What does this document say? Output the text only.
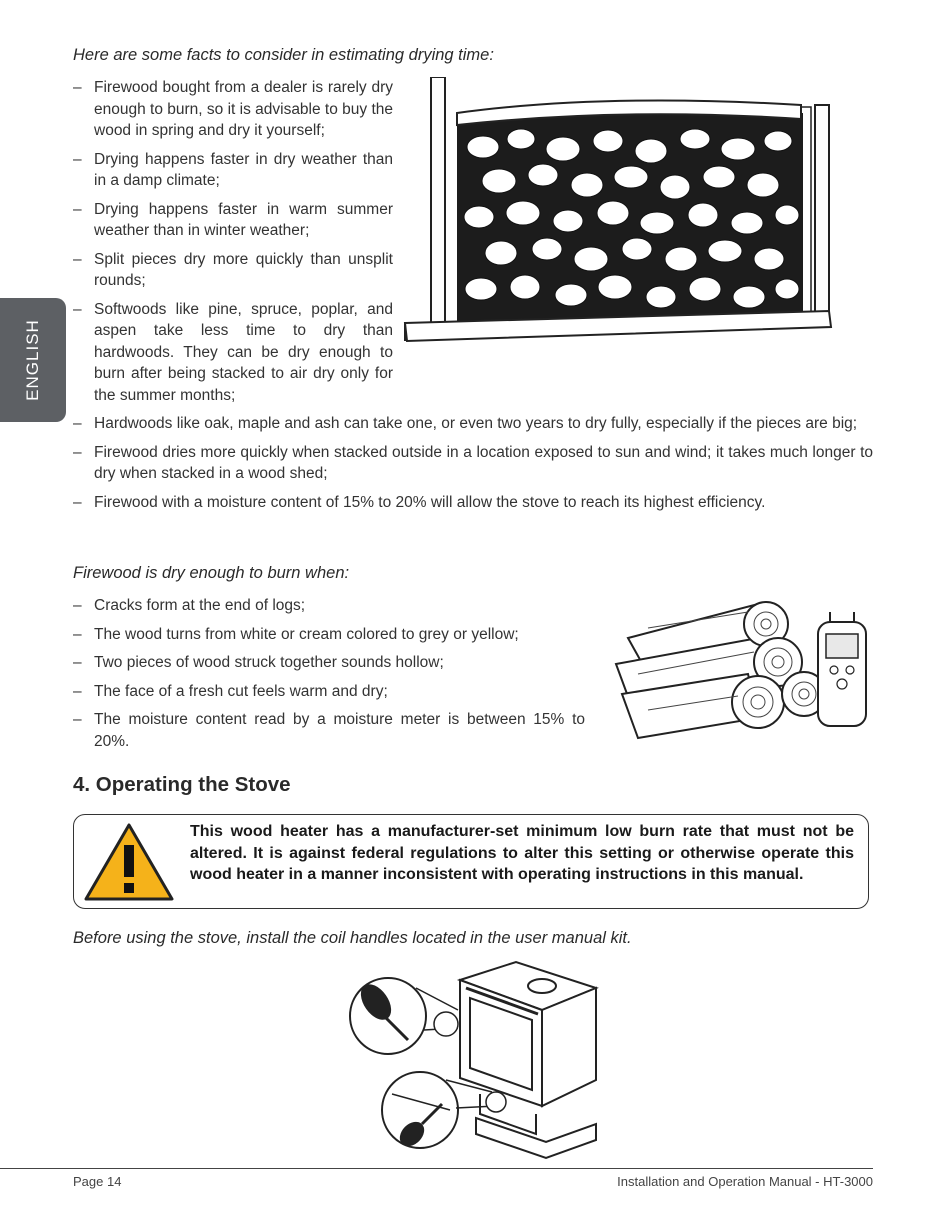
ENGLISH

Here are some facts to consider in estimating drying time:

– Firewood bought from a dealer is rarely dry enough to burn, so it is advisable to buy the wood in spring and dry it yourself;
– Drying happens faster in dry weather than in a damp climate;
– Drying happens faster in warm summer weather than in winter weather;
– Split pieces dry more quickly than unsplit rounds;
– Softwoods like pine, spruce, poplar, and aspen take less time to dry than hardwoods. They can be dry enough to burn after being stacked to air dry only for the summer months;
– Hardwoods like oak, maple and ash can take one, or even two years to dry fully, especially if the pieces are big;
– Firewood dries more quickly when stacked outside in a location exposed to sun and wind; it takes much longer to dry when stacked in a wood shed;
– Firewood with a moisture content of 15% to 20% will allow the stove to reach its highest efficiency.

Firewood is dry enough to burn when:

– Cracks form at the end of logs;
– The wood turns from white or cream colored to grey or yellow;
– Two pieces of wood struck together sounds hollow;
– The face of a fresh cut feels warm and dry;
– The moisture content read by a moisture meter is between 15% to 20%.

4. Operating the Stove

This wood heater has a manufacturer-set minimum low burn rate that must not be altered. It is against federal regulations to alter this setting or otherwise operate this wood heater in a manner inconsistent with operating instructions in this manual.

Before using the stove, install the coil handles located in the user manual kit.

Page 14	Installation and Operation Manual - HT-3000
